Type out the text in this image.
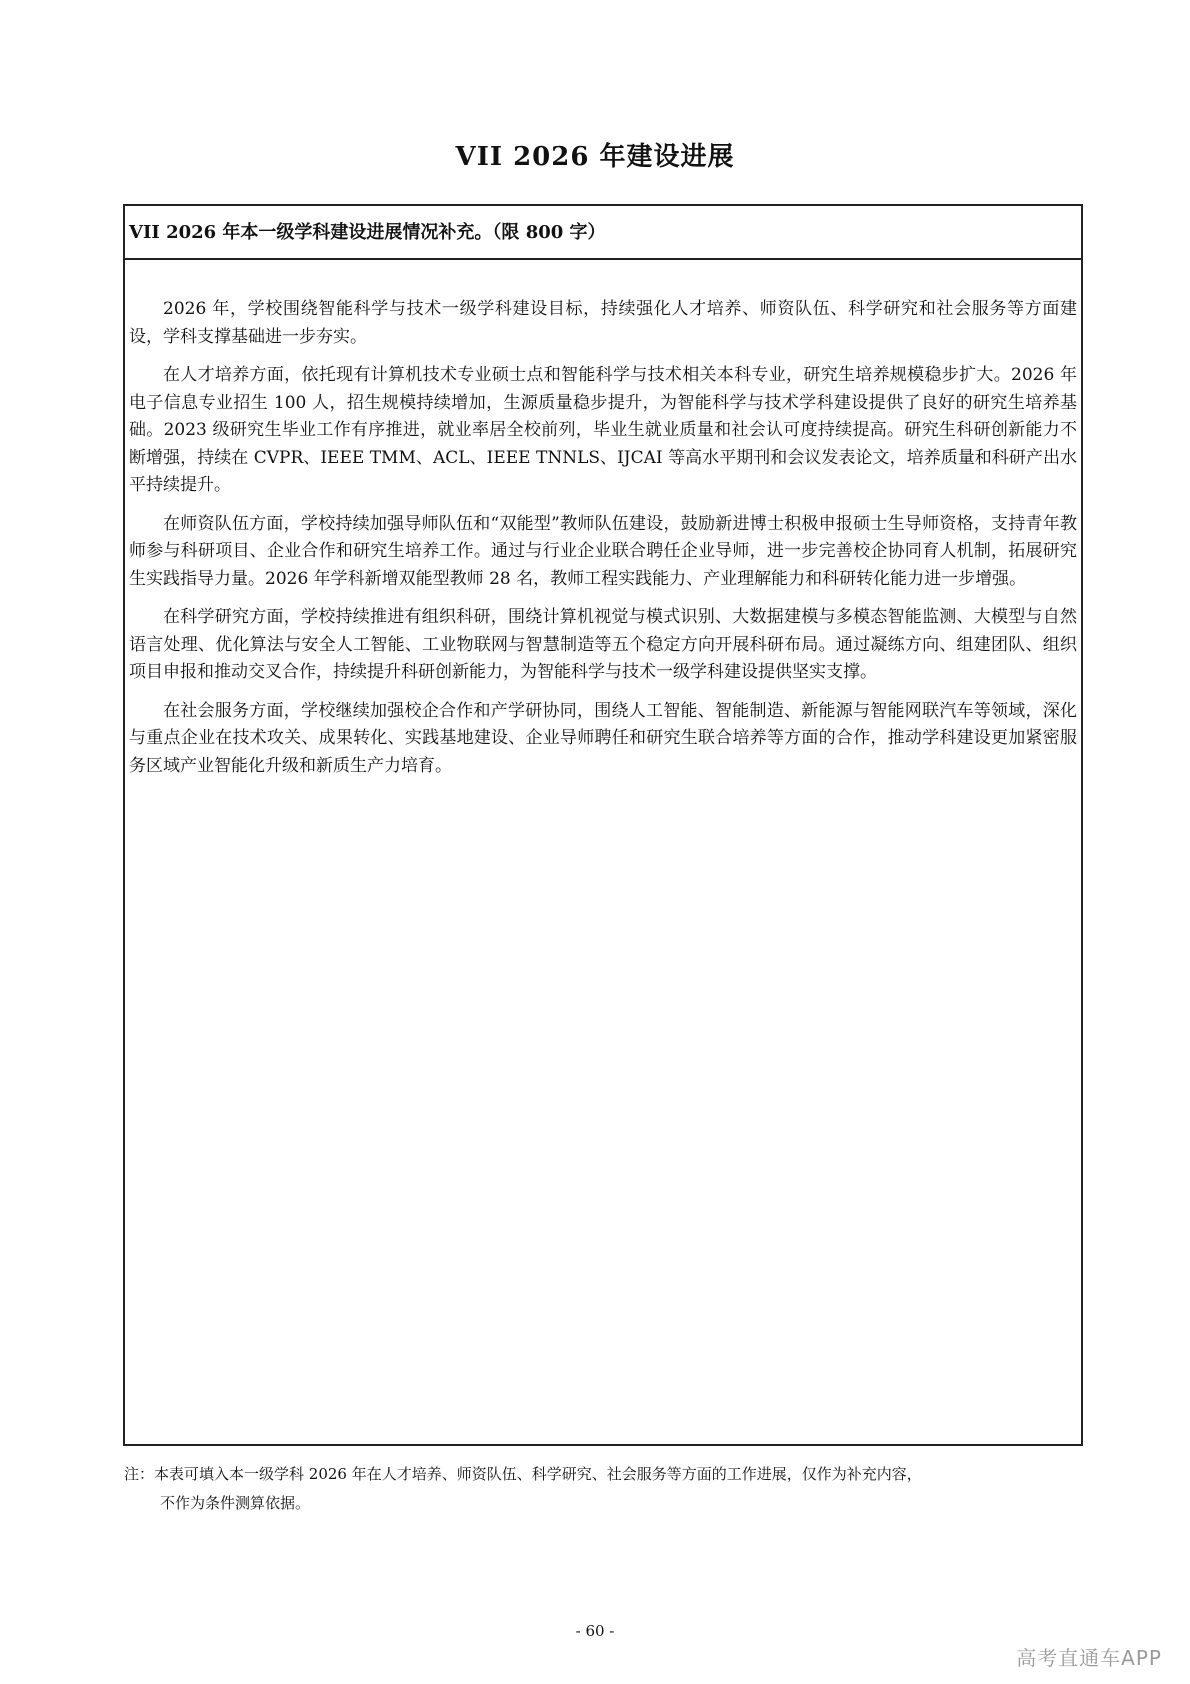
VII 2026 年建设进展
VII 2026 年本一级学科建设进展情况补充。（限 800 字）

2026 年，学校围绕智能科学与技术一级学科建设目标，持续强化人才培养、师资队伍、科学研究和社会服务等方面建设，学科支撑基础进一步夯实。

在人才培养方面，依托现有计算机技术专业硕士点和智能科学与技术相关本科专业，研究生培养规模稳步扩大。2026 年电子信息专业招生 100 人，招生规模持续增加，生源质量稳步提升，为智能科学与技术学科建设提供了良好的研究生培养基础。2023 级研究生毕业工作有序推进，就业率居全校前列，毕业生就业质量和社会认可度持续提高。研究生科研创新能力不断增强，持续在 CVPR、IEEE TMM、ACL、IEEE TNNLS、IJCAI 等高水平期刊和会议发表论文，培养质量和科研产出水平持续提升。

在师资队伍方面，学校持续加强导师队伍和“双能型”教师队伍建设，鼓励新进博士积极申报硕士生导师资格，支持青年教师参与科研项目、企业合作和研究生培养工作。通过与行业企业联合聘任企业导师，进一步完善校企协同育人机制，拓展研究生实践指导力量。2026 年学科新增双能型教师 28 名，教师工程实践能力、产业理解能力和科研转化能力进一步增强。

在科学研究方面，学校持续推进有组织科研，围绕计算机视觉与模式识别、大数据建模与多模态智能监测、大模型与自然语言处理、优化算法与安全人工智能、工业物联网与智慧制造等五个稳定方向开展科研布局。通过凝练方向、组建团队、组织项目申报和推动交叉合作，持续提升科研创新能力，为智能科学与技术一级学科建设提供坚实支撑。

在社会服务方面，学校继续加强校企合作和产学研协同，围绕人工智能、智能制造、新能源与智能网联汽车等领域，深化与重点企业在技术攻关、成果转化、实践基地建设、企业导师聘任和研究生联合培养等方面的合作，推动学科建设更加紧密服务区域产业智能化升级和新质生产力培育。

注：本表可填入本一级学科 2026 年在人才培养、师资队伍、科学研究、社会服务等方面的工作进展，仅作为补充内容，
不作为条件测算依据。
- 60 -
高考直通车APP
